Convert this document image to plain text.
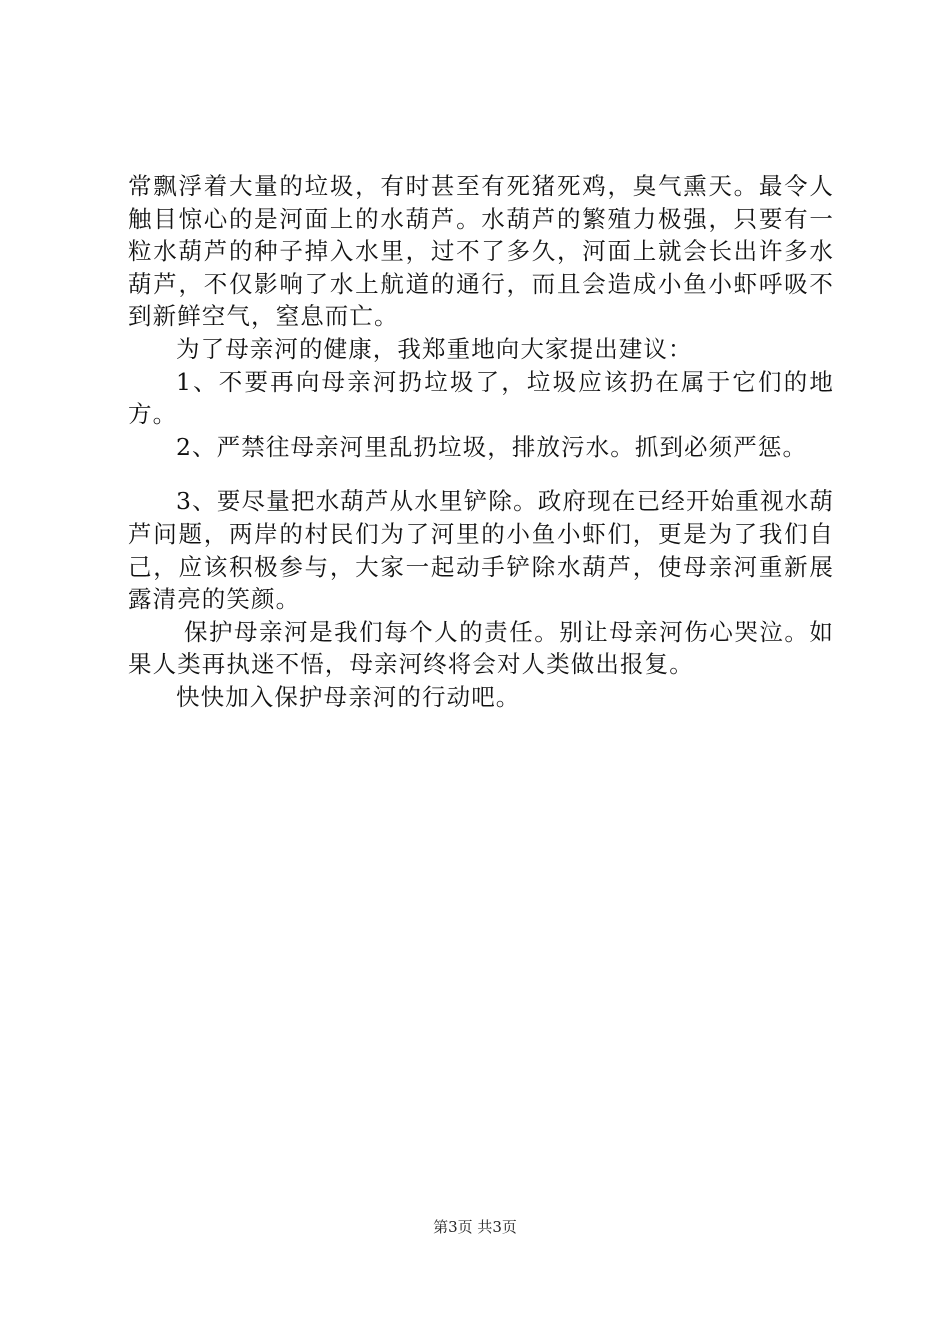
常飘浮着大量的垃圾，有时甚至有死猪死鸡，臭气熏天。最令人触目惊心的是河面上的水葫芦。水葫芦的繁殖力极强，只要有一粒水葫芦的种子掉入水里，过不了多久，河面上就会长出许多水葫芦，不仅影响了水上航道的通行，而且会造成小鱼小虾呼吸不到新鲜空气，窒息而亡。

为了母亲河的健康，我郑重地向大家提出建议：

1、不要再向母亲河扔垃圾了，垃圾应该扔在属于它们的地方。

2、严禁往母亲河里乱扔垃圾，排放污水。抓到必须严惩。

3、要尽量把水葫芦从水里铲除。政府现在已经开始重视水葫芦问题，两岸的村民们为了河里的小鱼小虾们，更是为了我们自己，应该积极参与，大家一起动手铲除水葫芦，使母亲河重新展露清亮的笑颜。

保护母亲河是我们每个人的责任。别让母亲河伤心哭泣。如果人类再执迷不悟，母亲河终将会对人类做出报复。

快快加入保护母亲河的行动吧。

第3页 共3页
